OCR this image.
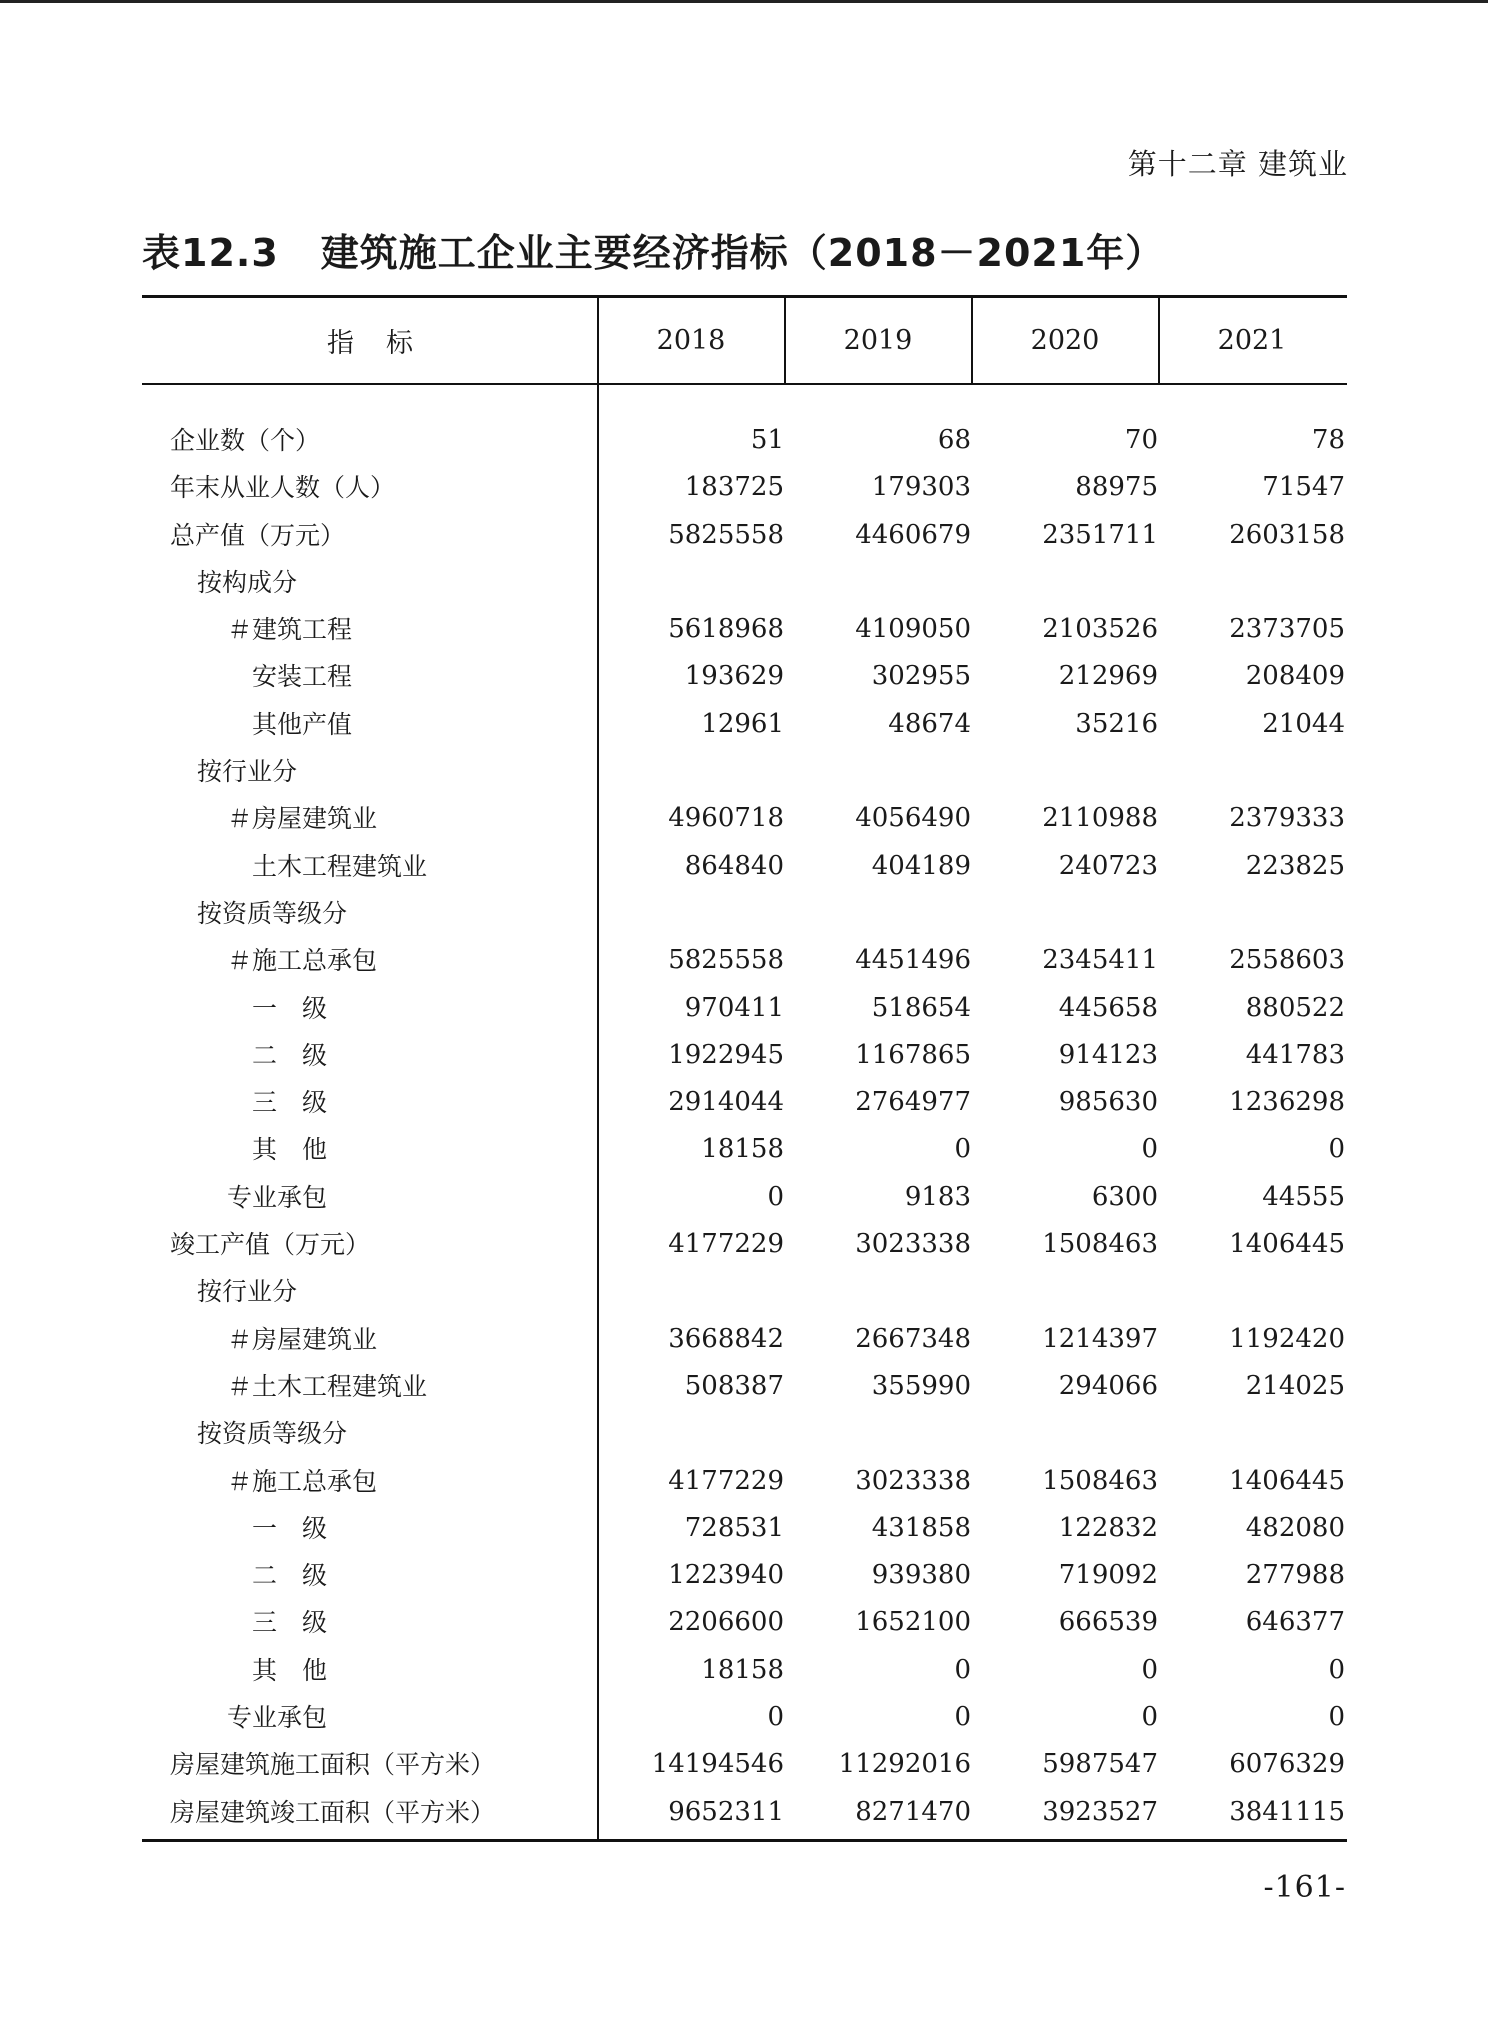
第十二章 建筑业
表12.3 建筑施工企业主要经济指标（2018－2021年）
指标	2018	2019	2020	2021
企业数（个）	51	68	70	78
年末从业人数（人）	183725	179303	88975	71547
总产值（万元）	5825558	4460679	2351711	2603158
按构成分
＃建筑工程	5618968	4109050	2103526	2373705
安装工程	193629	302955	212969	208409
其他产值	12961	48674	35216	21044
按行业分
＃房屋建筑业	4960718	4056490	2110988	2379333
土木工程建筑业	864840	404189	240723	223825
按资质等级分
＃施工总承包	5825558	4451496	2345411	2558603
一　级	970411	518654	445658	880522
二　级	1922945	1167865	914123	441783
三　级	2914044	2764977	985630	1236298
其　他	18158	0	0	0
专业承包	0	9183	6300	44555
竣工产值（万元）	4177229	3023338	1508463	1406445
按行业分
＃房屋建筑业	3668842	2667348	1214397	1192420
＃土木工程建筑业	508387	355990	294066	214025
按资质等级分
＃施工总承包	4177229	3023338	1508463	1406445
一　级	728531	431858	122832	482080
二　级	1223940	939380	719092	277988
三　级	2206600	1652100	666539	646377
其　他	18158	0	0	0
专业承包	0	0	0	0
房屋建筑施工面积（平方米）	14194546	11292016	5987547	6076329
房屋建筑竣工面积（平方米）	9652311	8271470	3923527	3841115
-161-
